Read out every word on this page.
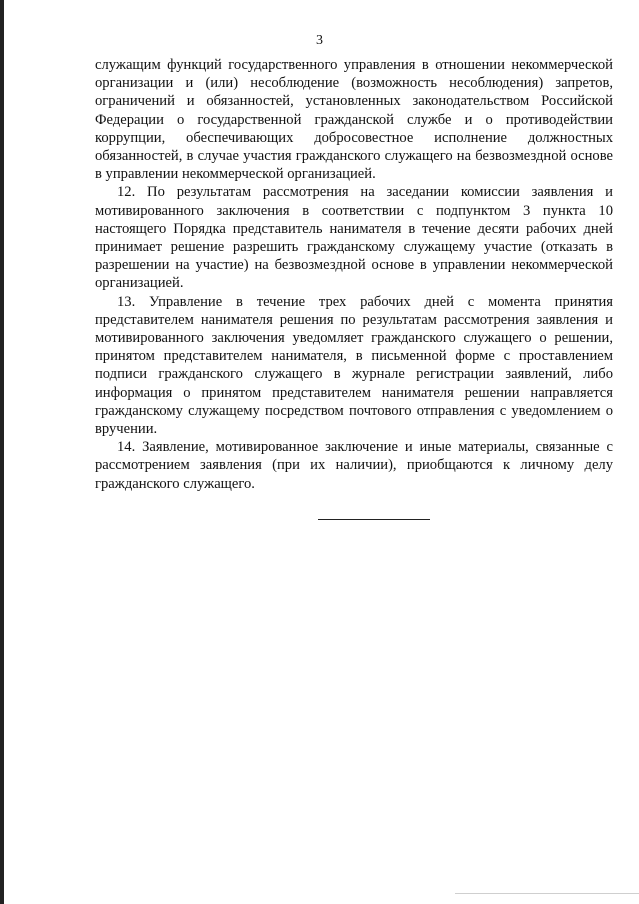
3

служащим функций государственного управления в отношении некоммерческой организации и (или) несоблюдение (возможность несоблюдения) запретов, ограничений и обязанностей, установленных законодательством Российской Федерации о государственной гражданской службе и о противодействии коррупции, обеспечивающих добросовестное исполнение должностных обязанностей, в случае участия гражданского служащего на безвозмездной основе в управлении некоммерческой организацией.

12. По результатам рассмотрения на заседании комиссии заявления и мотивированного заключения в соответствии с подпунктом 3 пункта 10 настоящего Порядка представитель нанимателя в течение десяти рабочих дней принимает решение разрешить гражданскому служащему участие (отказать в разрешении на участие) на безвозмездной основе в управлении некоммерческой организацией.

13. Управление в течение трех рабочих дней с момента принятия представителем нанимателя решения по результатам рассмотрения заявления и мотивированного заключения уведомляет гражданского служащего о решении, принятом представителем нанимателя, в письменной форме с проставлением подписи гражданского служащего в журнале регистрации заявлений, либо информация о принятом представителем нанимателя решении направляется гражданскому служащему посредством почтового отправления с уведомлением о вручении.

14. Заявление, мотивированное заключение и иные материалы, связанные с рассмотрением заявления (при их наличии), приобщаются к личному делу гражданского служащего.
